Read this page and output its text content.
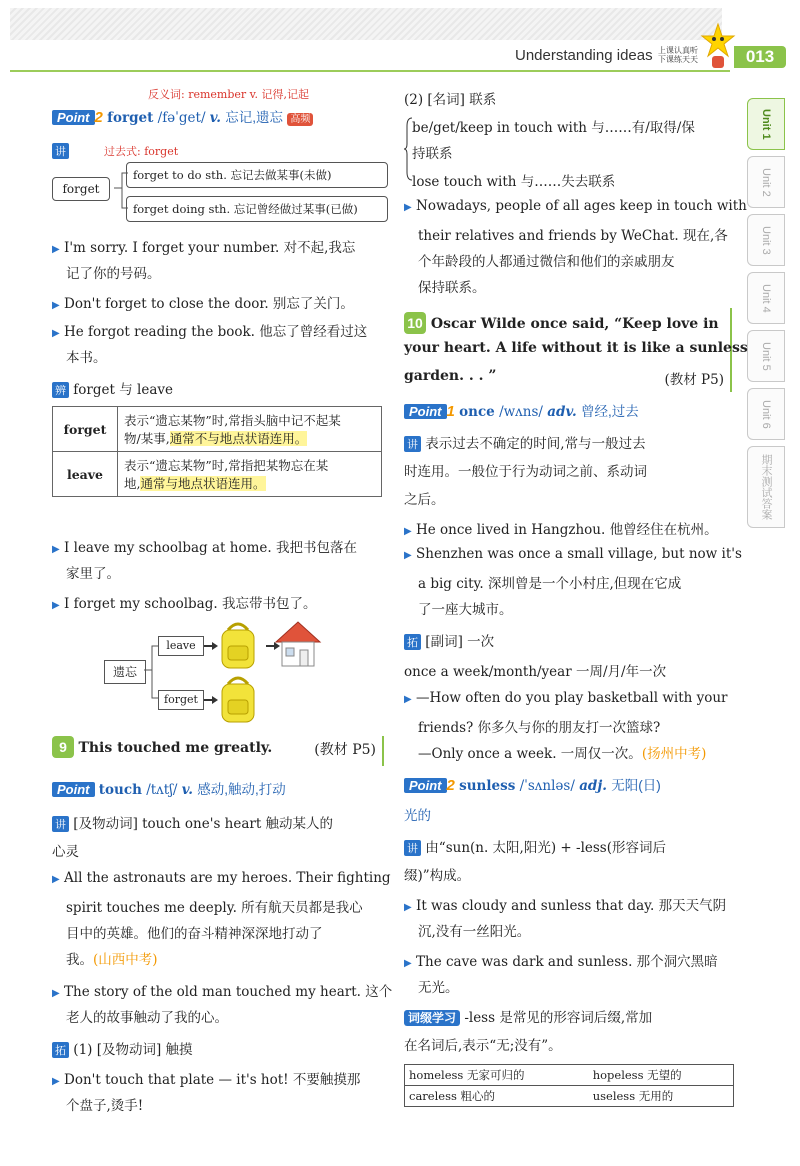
Understanding ideas 上课认真听
下课练天天	013
Unit 1
Unit 2
Unit 3
Unit 4
Unit 5
Unit 6
期末测试答案
反义词: remember v. 记得,记起
Point 2 forget /fəˈget/ v. 忘记,遗忘 高频
讲	过去式: forget
forget
forget to do sth. 忘记去做某事(未做)
forget doing sth. 忘记曾经做过某事(已做)
▶ I'm sorry. I forget your number. 对不起,我忘
记了你的号码。
▶ Don't forget to close the door. 别忘了关门。
▶ He forgot reading the book. 他忘了曾经看过这
本书。
辨 forget 与 leave
forget	表示“遗忘某物”时,常指头脑中记不起某
物/某事,通常不与地点状语连用。
leave	表示“遗忘某物”时,常指把某物忘在某
地,通常与地点状语连用。
▶ I leave my schoolbag at home. 我把书包落在
家里了。
▶ I forget my schoolbag. 我忘带书包了。
遗忘
leave
forget
9 This touched me greatly.	(教材 P5)
Point touch /tʌtʃ/ v. 感动,触动,打动
讲 [及物动词] touch one's heart 触动某人的
心灵
▶ All the astronauts are my heroes. Their fighting
spirit touches me deeply. 所有航天员都是我心
目中的英雄。他们的奋斗精神深深地打动了
我。(山西中考)
▶ The story of the old man touched my heart. 这个
老人的故事触动了我的心。
拓 (1) [及物动词] 触摸
▶ Don't touch that plate — it's hot! 不要触摸那
个盘子,烫手!
(2) [名词] 联系
be/get/keep in touch with 与……有/取得/保
持联系
lose touch with 与……失去联系
▶ Nowadays, people of all ages keep in touch with
their relatives and friends by WeChat. 现在,各
个年龄段的人都通过微信和他们的亲戚朋友
保持联系。
10 Oscar Wilde once said, “Keep love in
your heart. A life without it is like a sunless
garden. . . ”	(教材 P5)
Point 1 once /wʌns/ adv. 曾经,过去
讲 表示过去不确定的时间,常与一般过去
时连用。一般位于行为动词之前、系动词
之后。
▶ He once lived in Hangzhou. 他曾经住在杭州。
▶ Shenzhen was once a small village, but now it's
a big city. 深圳曾是一个小村庄,但现在它成
了一座大城市。
拓 [副词] 一次
once a week/month/year 一周/月/年一次
▶ —How often do you play basketball with your
friends? 你多久与你的朋友打一次篮球?
—Only once a week. 一周仅一次。(扬州中考)
Point 2 sunless /ˈsʌnləs/ adj. 无阳(日)
光的
讲 由“sun(n. 太阳,阳光) + -less(形容词后
缀)”构成。
▶ It was cloudy and sunless that day. 那天天气阴
沉,没有一丝阳光。
▶ The cave was dark and sunless. 那个洞穴黑暗
无光。
词缀学习 -less 是常见的形容词后缀,常加
在名词后,表示“无;没有”。
homeless 无家可归的	hopeless 无望的
careless 粗心的	useless 无用的
